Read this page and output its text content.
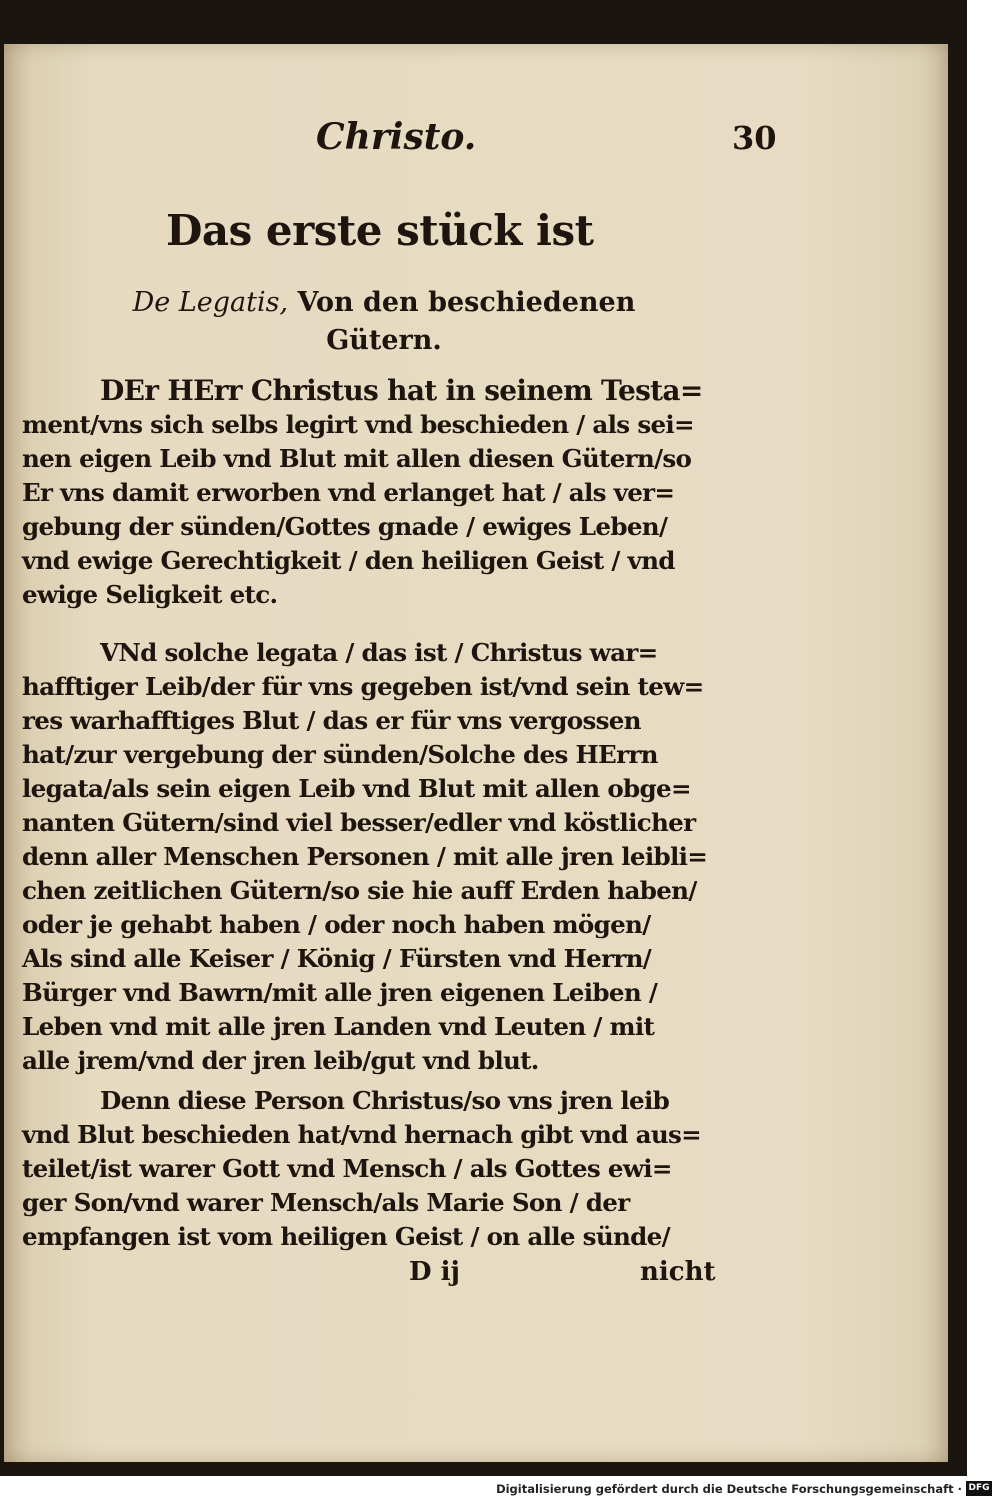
Christo.	30
Das erste stück ist
De Legatis, Von den beschiedenen Gütern.
DEr HErr Christus hat in seinem Testa=
ment/vns sich selbs legirt vnd beschieden / als sei=
nen eigen Leib vnd Blut mit allen diesen Gütern/so
Er vns damit erworben vnd erlanget hat / als ver=
gebung der sünden/Gottes gnade / ewiges Leben/
vnd ewige Gerechtigkeit / den heiligen Geist / vnd
ewige Seligkeit etc.
VNd solche legata / das ist / Christus war=
hafftiger Leib/der für vns gegeben ist/vnd sein tew=
res warhafftiges Blut / das er für vns vergossen
hat/zur vergebung der sünden/Solche des HErrn
legata/als sein eigen Leib vnd Blut mit allen obge=
nanten Gütern/sind viel besser/edler vnd köstlicher
denn aller Menschen Personen / mit alle jren leibli=
chen zeitlichen Gütern/so sie hie auff Erden haben/
oder je gehabt haben / oder noch haben mögen/
Als sind alle Keiser / König / Fürsten vnd Herrn/
Bürger vnd Bawrn/mit alle jren eigenen Leiben /
Leben vnd mit alle jren Landen vnd Leuten / mit
alle jrem/vnd der jren leib/gut vnd blut.
Denn diese Person Christus/so vns jren leib
vnd Blut beschieden hat/vnd hernach gibt vnd aus=
teilet/ist warer Gott vnd Mensch / als Gottes ewi=
ger Son/vnd warer Mensch/als Marie Son / der
empfangen ist vom heiligen Geist / on alle sünde/
D ij	nicht
Digitalisierung gefördert durch die Deutsche Forschungsgemeinschaft · DFG
